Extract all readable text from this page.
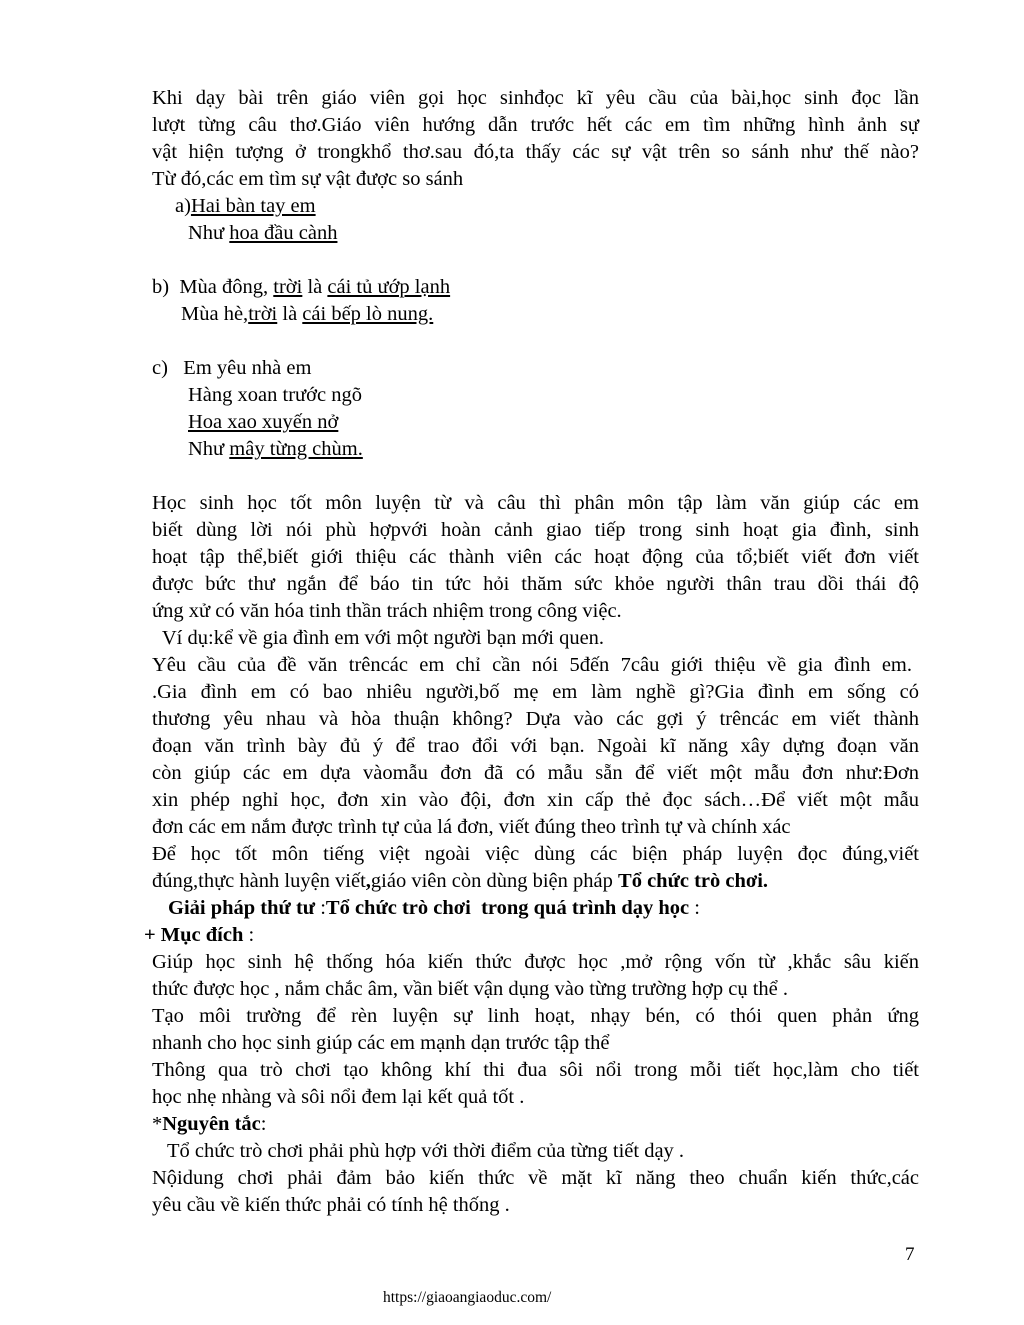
Khi dạy bài trên giáo viên gọi học sinhđọc kĩ yêu cầu của bài,học sinh đọc lần
lượt từng câu thơ.Giáo viên hướng dẫn trước hết các em tìm những hình ảnh sự
vật hiện tượng ở trongkhổ thơ.sau đó,ta thấy các sự vật trên so sánh như thế nào?
Từ đó,các em tìm sự vật được so sánh
a)Hai bàn tay em
Như hoa đầu cành
b)  Mùa đông, trời là cái tủ ướp lạnh
Mùa hè,trời là cái bếp lò nung.
c)   Em yêu nhà em
Hàng xoan trước ngõ
Hoa xao xuyến nở
Như mây từng chùm.
Học sinh học tốt môn luyện từ và câu thì phân môn tập làm văn giúp các em
biết dùng lời nói phù hợpvới hoàn cảnh giao tiếp trong sinh hoạt gia đình, sinh
hoạt tập thể,biết giới thiệu các thành viên các hoạt động của tổ;biết viết đơn viết
được bức thư ngắn để báo tin tức hỏi thăm sức khỏe người thân trau dồi thái độ
ứng xử có văn hóa tinh thần trách nhiệm trong công việc.
Ví dụ:kể về gia đình em với một người bạn mới quen.
Yêu cầu của đề văn trêncác em chỉ cần nói 5đến 7câu giới thiệu về gia đình em.
.Gia đình em có bao nhiêu người,bố mẹ em làm nghề gì?Gia đình em sống có
thương yêu nhau và hòa thuận không? Dựa vào các gợi ý trêncác em viết thành
đoạn văn trình bày đủ ý để trao đổi với bạn. Ngoài kĩ năng xây dựng đoạn văn
còn giúp các em dựa vàomẫu đơn đã có mẫu sẵn để viết một mẫu đơn như:Đơn
xin phép nghỉ học, đơn xin vào đội, đơn xin cấp thẻ đọc sách…Để viết một mẫu
đơn các em nắm được trình tự của lá đơn, viết đúng theo trình tự và chính xác
Để học tốt môn tiếng việt ngoài việc dùng các biện pháp luyện đọc đúng,viết
đúng,thực hành luyện viết,giáo viên còn dùng biện pháp Tổ chức trò chơi.
Giải pháp thứ tư :Tổ chức trò chơi  trong quá trình dạy học :
+ Mục đích :
Giúp học sinh hệ thống hóa kiến thức được học ,mở rộng vốn từ ,khắc sâu kiến
thức được học , nắm chắc âm, vần biết vận dụng vào từng trường hợp cụ thể .
Tạo môi trường để rèn luyện sự linh hoạt, nhạy bén, có thói quen phản ứng
nhanh cho học sinh giúp các em mạnh dạn trước tập thể
Thông qua trò chơi tạo không khí thi đua sôi nổi trong mỗi tiết học,làm cho tiết
học nhẹ nhàng và sôi nổi đem lại kết quả tốt .
*Nguyên tắc:
Tổ chức trò chơi phải phù hợp với thời điểm của từng tiết dạy .
Nộidung chơi phải đảm bảo kiến thức về mặt kĩ năng theo chuẩn kiến thức,các
yêu cầu về kiến thức phải có tính hệ thống .
7
https://giaoangiaoduc.com/
